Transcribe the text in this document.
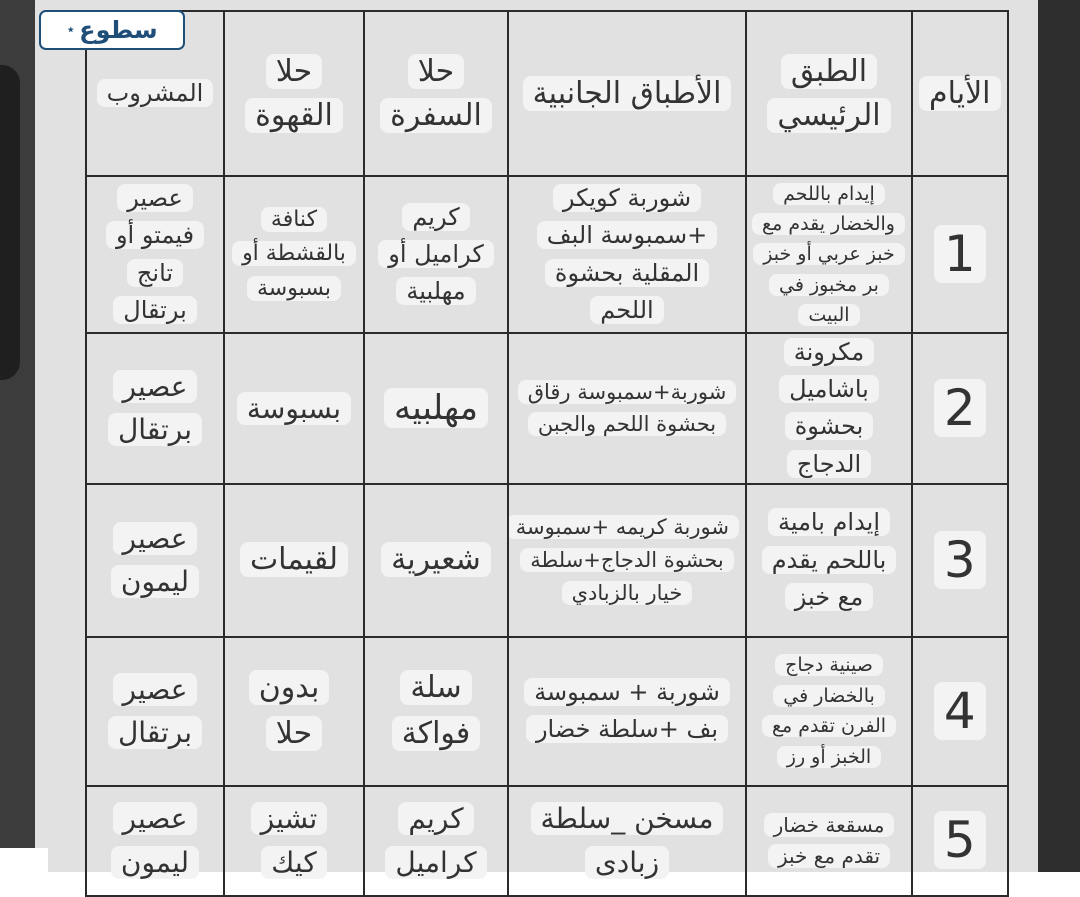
الأيام	الطبق الرئيسي	الأطباق الجانبية	حلا السفرة	حلا القهوة	المشروب
1	إيدام باللحم والخضار يقدم مع خبز عربي أو خبز بر مخبوز في البيت	شوربة كويكر +سمبوسة البف المقلية بحشوة اللحم	كريم كراميل أو مهلبية	كنافة بالقشطة أو بسبوسة	عصير فيمتو أو تانج برتقال
2	مكرونة باشاميل بحشوة الدجاج	شوربة+سمبوسة رقاق بحشوة اللحم والجبن	مهلبيه	بسبوسة	عصير برتقال
3	إيدام بامية باللحم يقدم مع خبز	شوربة كريمه +سمبوسة بحشوة الدجاج+سلطة خيار بالزبادي	شعيرية	لقيمات	عصير ليمون
4	صينية دجاج بالخضار في الفرن تقدم مع الخبز أو رز	شوربة + سمبوسة بف +سلطة خضار	سلة فواكة	بدون حلا	عصير برتقال
5	مسقعة خضار تقدم مع خبز	مسخن _سلطة زبادى	كريم كراميل	تشيز كيك	عصير ليمون
سطوع
⋆
